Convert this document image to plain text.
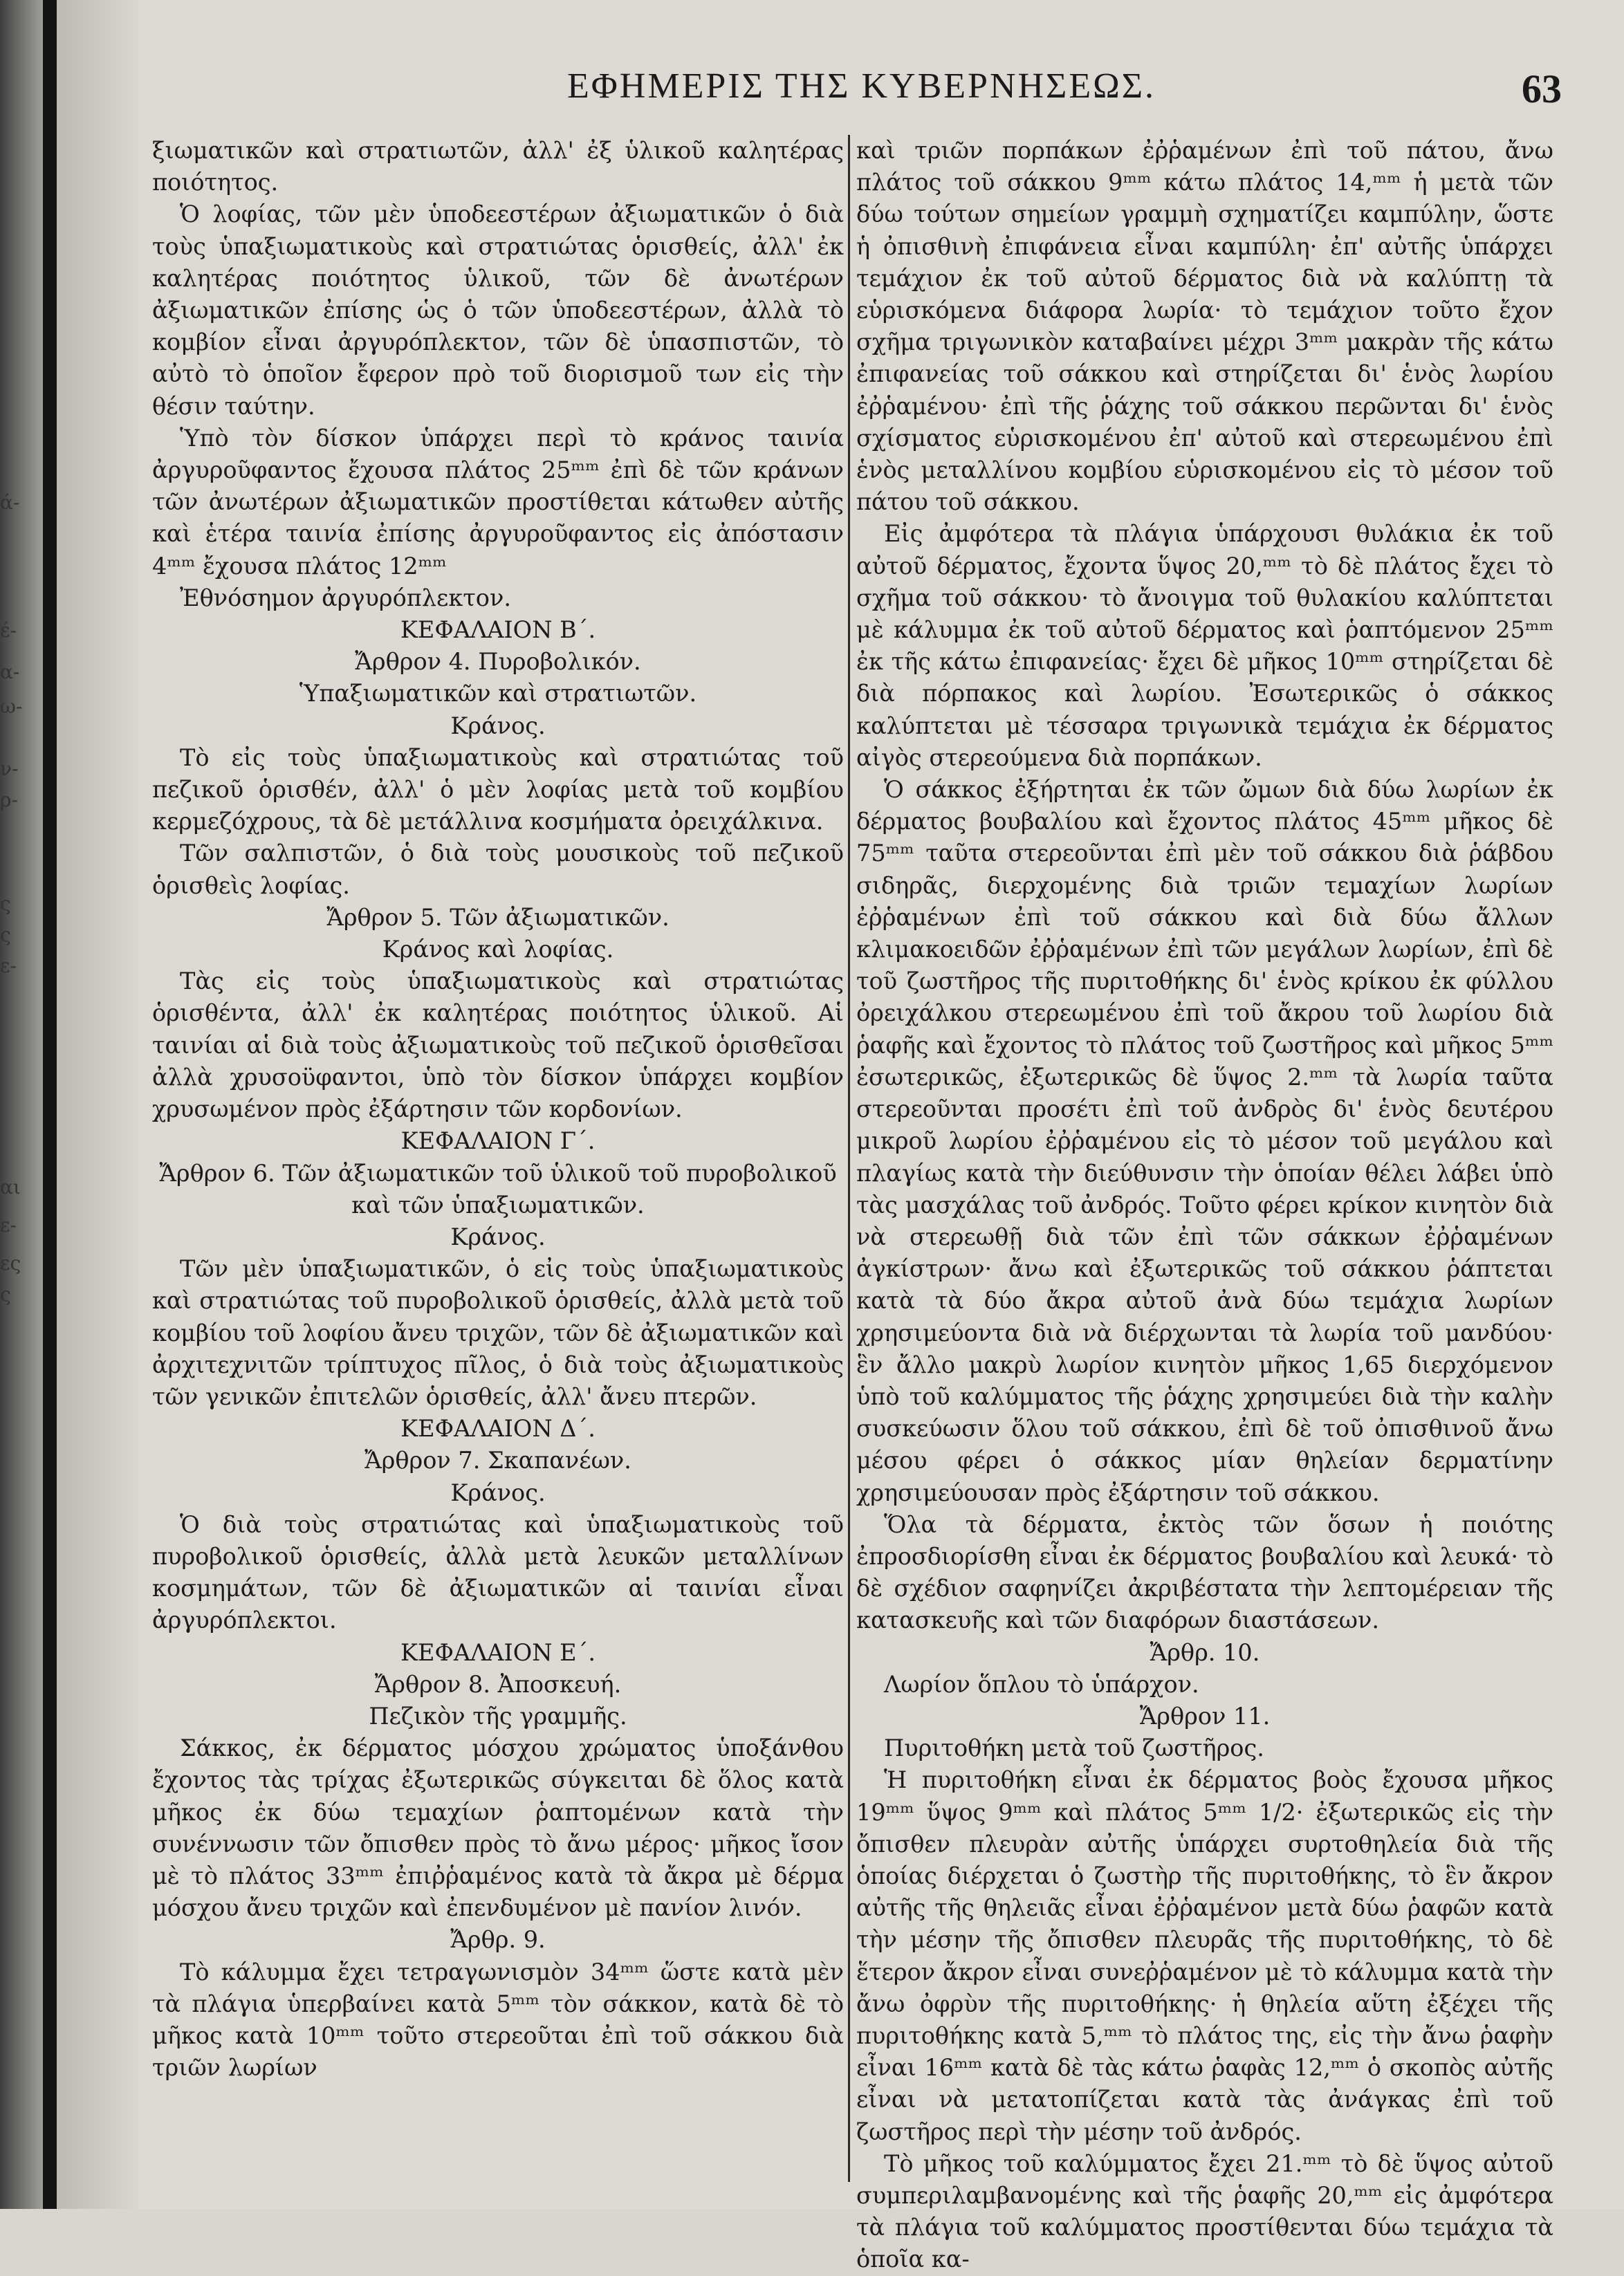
ά-
έ-
α-
ω-
ν-
ρ-
ς
ς
ε-
αι
ε-
ες
ς
ΕΦΗΜΕΡΙΣ ΤΗΣ ΚΥΒΕΡΝΗΣΕΩΣ.	63

ξιωματικῶν καὶ στρατιωτῶν, ἀλλ' ἐξ ὑλικοῦ καλητέρας ποιότητος.

Ὁ λοφίας, τῶν μὲν ὑποδεεστέρων ἀξιωματικῶν ὁ διὰ τοὺς ὑπαξιωματικοὺς καὶ στρατιώτας ὁρισθείς, ἀλλ' ἐκ καλητέρας ποιότητος ὑλικοῦ, τῶν δὲ ἀνωτέρων ἀξιωματικῶν ἐπίσης ὡς ὁ τῶν ὑποδεεστέρων, ἀλλὰ τὸ κομβίον εἶναι ἀργυρόπλεκτον, τῶν δὲ ὑπασπιστῶν, τὸ αὐτὸ τὸ ὁποῖον ἔφερον πρὸ τοῦ διορισμοῦ των εἰς τὴν θέσιν ταύτην.

Ὑπὸ τὸν δίσκον ὑπάρχει περὶ τὸ κράνος ταινία ἀργυροῦφαντος ἔχουσα πλάτος 25ᵐᵐ ἐπὶ δὲ τῶν κράνων τῶν ἀνωτέρων ἀξιωματικῶν προστίθεται κάτωθεν αὐτῆς καὶ ἑτέρα ταινία ἐπίσης ἀργυροῦφαντος εἰς ἀπόστασιν 4ᵐᵐ ἔχουσα πλάτος 12ᵐᵐ

Ἐθνόσημον ἀργυρόπλεκτον.

ΚΕΦΑΛΑΙΟΝ Β΄.

Ἄρθρον 4. Πυροβολικόν.

Ὑπαξιωματικῶν καὶ στρατιωτῶν.

Κράνος.

Τὸ εἰς τοὺς ὑπαξιωματικοὺς καὶ στρατιώτας τοῦ πεζικοῦ ὁρισθέν, ἀλλ' ὁ μὲν λοφίας μετὰ τοῦ κομβίου κερμεζόχρους, τὰ δὲ μετάλλινα κοσμήματα ὀρειχάλκινα.

Τῶν σαλπιστῶν, ὁ διὰ τοὺς μουσικοὺς τοῦ πεζικοῦ ὁρισθεὶς λοφίας.

Ἄρθρον 5. Τῶν ἀξιωματικῶν.

Κράνος καὶ λοφίας.

Τὰς εἰς τοὺς ὑπαξιωματικοὺς καὶ στρατιώτας ὁρισθέντα, ἀλλ' ἐκ καλητέρας ποιότητος ὑλικοῦ. Αἱ ταινίαι αἱ διὰ τοὺς ἀξιωματικοὺς τοῦ πεζικοῦ ὁρισθεῖσαι ἀλλὰ χρυσοϋφαντοι, ὑπὸ τὸν δίσκον ὑπάρχει κομβίον χρυσωμένον πρὸς ἐξάρτησιν τῶν κορδονίων.

ΚΕΦΑΛΑΙΟΝ Γ΄.

Ἄρθρον 6. Τῶν ἀξιωματικῶν τοῦ ὑλικοῦ τοῦ πυροβολικοῦ καὶ τῶν ὑπαξιωματικῶν.

Κράνος.

Τῶν μὲν ὑπαξιωματικῶν, ὁ εἰς τοὺς ὑπαξιωματικοὺς καὶ στρατιώτας τοῦ πυροβολικοῦ ὁρισθείς, ἀλλὰ μετὰ τοῦ κομβίου τοῦ λοφίου ἄνευ τριχῶν, τῶν δὲ ἀξιωματικῶν καὶ ἀρχιτεχνιτῶν τρίπτυχος πῖλος, ὁ διὰ τοὺς ἀξιωματικοὺς τῶν γενικῶν ἐπιτελῶν ὁρισθείς, ἀλλ' ἄνευ πτερῶν.

ΚΕΦΑΛΑΙΟΝ Δ΄.

Ἄρθρον 7. Σκαπανέων.

Κράνος.

Ὁ διὰ τοὺς στρατιώτας καὶ ὑπαξιωματικοὺς τοῦ πυροβολικοῦ ὁρισθείς, ἀλλὰ μετὰ λευκῶν μεταλλίνων κοσμημάτων, τῶν δὲ ἀξιωματικῶν αἱ ταινίαι εἶναι ἀργυρόπλεκτοι.

ΚΕΦΑΛΑΙΟΝ Ε΄.

Ἄρθρον 8. Ἀποσκευή.

Πεζικὸν τῆς γραμμῆς.

Σάκκος, ἐκ δέρματος μόσχου χρώματος ὑποξάνθου ἔχοντος τὰς τρίχας ἐξωτερικῶς σύγκειται δὲ ὅλος κατὰ μῆκος ἐκ δύω τεμαχίων ῥαπτομένων κατὰ τὴν συνέννωσιν τῶν ὄπισθεν πρὸς τὸ ἄνω μέρος· μῆκος ἴσον μὲ τὸ πλάτος 33ᵐᵐ ἐπιῤῥαμένος κατὰ τὰ ἄκρα μὲ δέρμα μόσχου ἄνευ τριχῶν καὶ ἐπενδυμένον μὲ πανίον λινόν.

Ἄρθρ. 9.

Τὸ κάλυμμα ἔχει τετραγωνισμὸν 34ᵐᵐ ὥστε κατὰ μὲν τὰ πλάγια ὑπερβαίνει κατὰ 5ᵐᵐ τὸν σάκκον, κατὰ δὲ τὸ μῆκος κατὰ 10ᵐᵐ τοῦτο στερεοῦται ἐπὶ τοῦ σάκκου διὰ τριῶν λωρίων

καὶ τριῶν πορπάκων ἐῤῥαμένων ἐπὶ τοῦ πάτου, ἄνω πλάτος τοῦ σάκκου 9ᵐᵐ κάτω πλάτος 14,ᵐᵐ ἡ μετὰ τῶν δύω τούτων σημείων γραμμὴ σχηματίζει καμπύλην, ὥστε ἡ ὀπισθινὴ ἐπιφάνεια εἶναι καμπύλη· ἐπ' αὐτῆς ὑπάρχει τεμάχιον ἐκ τοῦ αὐτοῦ δέρματος διὰ νὰ καλύπτῃ τὰ εὑρισκόμενα διάφορα λωρία· τὸ τεμάχιον τοῦτο ἔχον σχῆμα τριγωνικὸν καταβαίνει μέχρι 3ᵐᵐ μακρὰν τῆς κάτω ἐπιφανείας τοῦ σάκκου καὶ στηρίζεται δι' ἑνὸς λωρίου ἐῤῥαμένου· ἐπὶ τῆς ῥάχης τοῦ σάκκου περῶνται δι' ἑνὸς σχίσματος εὑρισκομένου ἐπ' αὐτοῦ καὶ στερεωμένου ἐπὶ ἑνὸς μεταλλίνου κομβίου εὑρισκομένου εἰς τὸ μέσον τοῦ πάτου τοῦ σάκκου.

Εἰς ἀμφότερα τὰ πλάγια ὑπάρχουσι θυλάκια ἐκ τοῦ αὐτοῦ δέρματος, ἔχοντα ὕψος 20,ᵐᵐ τὸ δὲ πλάτος ἔχει τὸ σχῆμα τοῦ σάκκου· τὸ ἄνοιγμα τοῦ θυλακίου καλύπτεται μὲ κάλυμμα ἐκ τοῦ αὐτοῦ δέρματος καὶ ῥαπτόμενον 25ᵐᵐ ἐκ τῆς κάτω ἐπιφανείας· ἔχει δὲ μῆκος 10ᵐᵐ στηρίζεται δὲ διὰ πόρπακος καὶ λωρίου. Ἐσωτερικῶς ὁ σάκκος καλύπτεται μὲ τέσσαρα τριγωνικὰ τεμάχια ἐκ δέρματος αἰγὸς στερεούμενα διὰ πορπάκων.

Ὁ σάκκος ἐξήρτηται ἐκ τῶν ὤμων διὰ δύω λωρίων ἐκ δέρματος βουβαλίου καὶ ἔχοντος πλάτος 45ᵐᵐ μῆκος δὲ 75ᵐᵐ ταῦτα στερεοῦνται ἐπὶ μὲν τοῦ σάκκου διὰ ῥάβδου σιδηρᾶς, διερχομένης διὰ τριῶν τεμαχίων λωρίων ἐῤῥαμένων ἐπὶ τοῦ σάκκου καὶ διὰ δύω ἄλλων κλιμακοειδῶν ἐῤῥαμένων ἐπὶ τῶν μεγάλων λωρίων, ἐπὶ δὲ τοῦ ζωστῆρος τῆς πυριτοθήκης δι' ἑνὸς κρίκου ἐκ φύλλου ὀρειχάλκου στερεωμένου ἐπὶ τοῦ ἄκρου τοῦ λωρίου διὰ ῥαφῆς καὶ ἔχοντος τὸ πλάτος τοῦ ζωστῆρος καὶ μῆκος 5ᵐᵐ ἐσωτερικῶς, ἐξωτερικῶς δὲ ὕψος 2.ᵐᵐ τὰ λωρία ταῦτα στερεοῦνται προσέτι ἐπὶ τοῦ ἀνδρὸς δι' ἑνὸς δευτέρου μικροῦ λωρίου ἐῤῥαμένου εἰς τὸ μέσον τοῦ μεγάλου καὶ πλαγίως κατὰ τὴν διεύθυνσιν τὴν ὁποίαν θέλει λάβει ὑπὸ τὰς μασχάλας τοῦ ἀνδρός. Τοῦτο φέρει κρίκον κινητὸν διὰ νὰ στερεωθῇ διὰ τῶν ἐπὶ τῶν σάκκων ἐῤῥαμένων ἀγκίστρων· ἄνω καὶ ἐξωτερικῶς τοῦ σάκκου ῥάπτεται κατὰ τὰ δύο ἄκρα αὐτοῦ ἀνὰ δύω τεμάχια λωρίων χρησιμεύοντα διὰ νὰ διέρχωνται τὰ λωρία τοῦ μανδύου· ἓν ἄλλο μακρὺ λωρίον κινητὸν μῆκος 1,65 διερχόμενον ὑπὸ τοῦ καλύμματος τῆς ῥάχης χρησιμεύει διὰ τὴν καλὴν συσκεύωσιν ὅλου τοῦ σάκκου, ἐπὶ δὲ τοῦ ὀπισθινοῦ ἄνω μέσου φέρει ὁ σάκκος μίαν θηλείαν δερματίνην χρησιμεύουσαν πρὸς ἐξάρτησιν τοῦ σάκκου.

Ὅλα τὰ δέρματα, ἐκτὸς τῶν ὅσων ἡ ποιότης ἐπροσδιορίσθη εἶναι ἐκ δέρματος βουβαλίου καὶ λευκά· τὸ δὲ σχέδιον σαφηνίζει ἀκριβέστατα τὴν λεπτομέρειαν τῆς κατασκευῆς καὶ τῶν διαφόρων διαστάσεων.

Ἄρθρ. 10.

Λωρίον ὅπλου τὸ ὑπάρχον.

Ἄρθρον 11.

Πυριτοθήκη μετὰ τοῦ ζωστῆρος.

Ἡ πυριτοθήκη εἶναι ἐκ δέρματος βοὸς ἔχουσα μῆκος 19ᵐᵐ ὕψος 9ᵐᵐ καὶ πλάτος 5ᵐᵐ 1/2· ἐξωτερικῶς εἰς τὴν ὄπισθεν πλευρὰν αὐτῆς ὑπάρχει συρτοθηλεία διὰ τῆς ὁποίας διέρχεται ὁ ζωστὴρ τῆς πυριτοθήκης, τὸ ἓν ἄκρον αὐτῆς τῆς θηλειᾶς εἶναι ἐῤῥαμένον μετὰ δύω ῥαφῶν κατὰ τὴν μέσην τῆς ὄπισθεν πλευρᾶς τῆς πυριτοθήκης, τὸ δὲ ἕτερον ἄκρον εἶναι συνεῤῥαμένον μὲ τὸ κάλυμμα κατὰ τὴν ἄνω ὀφρὺν τῆς πυριτοθήκης· ἡ θηλεία αὕτη ἐξέχει τῆς πυριτοθήκης κατὰ 5,ᵐᵐ τὸ πλάτος της, εἰς τὴν ἄνω ῥαφὴν εἶναι 16ᵐᵐ κατὰ δὲ τὰς κάτω ῥαφὰς 12,ᵐᵐ ὁ σκοπὸς αὐτῆς εἶναι νὰ μετατοπίζεται κατὰ τὰς ἀνάγκας ἐπὶ τοῦ ζωστῆρος περὶ τὴν μέσην τοῦ ἀνδρός.

Τὸ μῆκος τοῦ καλύμματος ἔχει 21.ᵐᵐ τὸ δὲ ὕψος αὐτοῦ συμπεριλαμβανομένης καὶ τῆς ῥαφῆς 20,ᵐᵐ εἰς ἀμφότερα τὰ πλάγια τοῦ καλύμματος προστίθενται δύω τεμάχια τὰ ὁποῖα κα-
